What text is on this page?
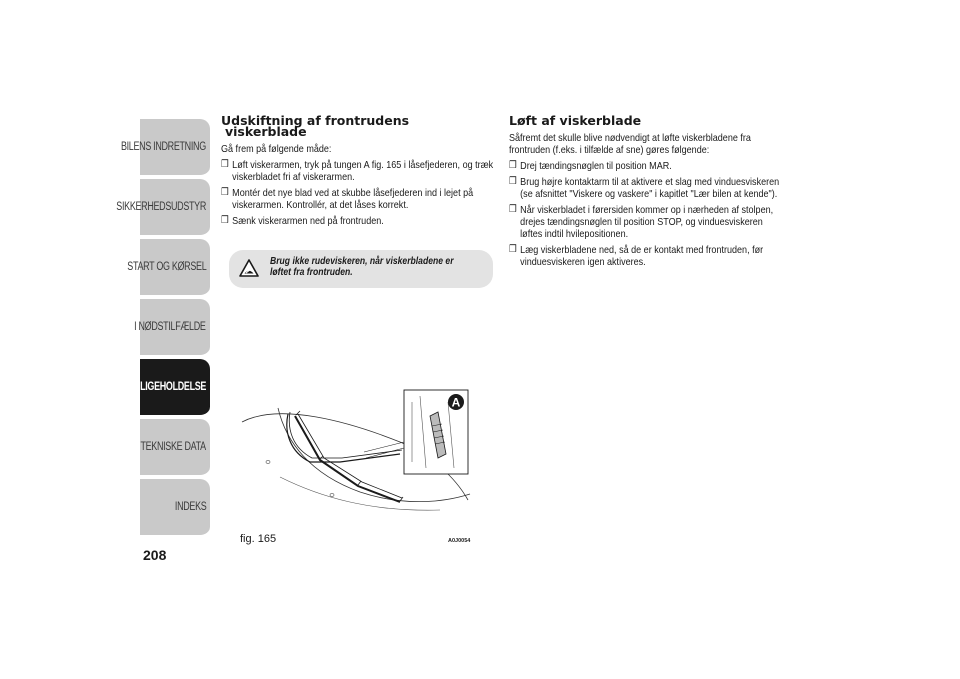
BILENS INDRETNING
SIKKERHEDSUDSTYR
START OG KØRSEL
I NØDSTILFÆLDE
VEDLIGEHOLDELSE
TEKNISKE DATA
INDEKS
208
Udskiftning af frontrudens
viskerblade

Gå frem på følgende måde:

❒ Løft viskerarmen, tryk på tungen A fig. 165 i låsefjederen, og træk viskerbladet fri af viskerarmen.
❒ Montér det nye blad ved at skubbe låsefjederen ind i lejet på viskerarmen. Kontrollér, at det låses korrekt.
❒ Sænk viskerarmen ned på frontruden.
Brug ikke rudeviskeren, når viskerbladene er løftet fra frontruden.
Løft af viskerblade

Såfremt det skulle blive nødvendigt at løfte viskerbladene fra frontruden (f.eks. i tilfælde af sne) gøres følgende:

❒ Drej tændingsnøglen til position MAR.
❒ Brug højre kontaktarm til at aktivere et slag med vinduesviskeren (se afsnittet "Viskere og vaskere" i kapitlet "Lær bilen at kende").
❒ Når viskerbladet i førersiden kommer op i nærheden af stolpen, drejes tændingsnøglen til position STOP, og vinduesviskeren løftes indtil hvilepositionen.
❒ Læg viskerbladene ned, så de er kontakt med frontruden, før vinduesviskeren igen aktiveres.
A
fig. 165	A0J0054
